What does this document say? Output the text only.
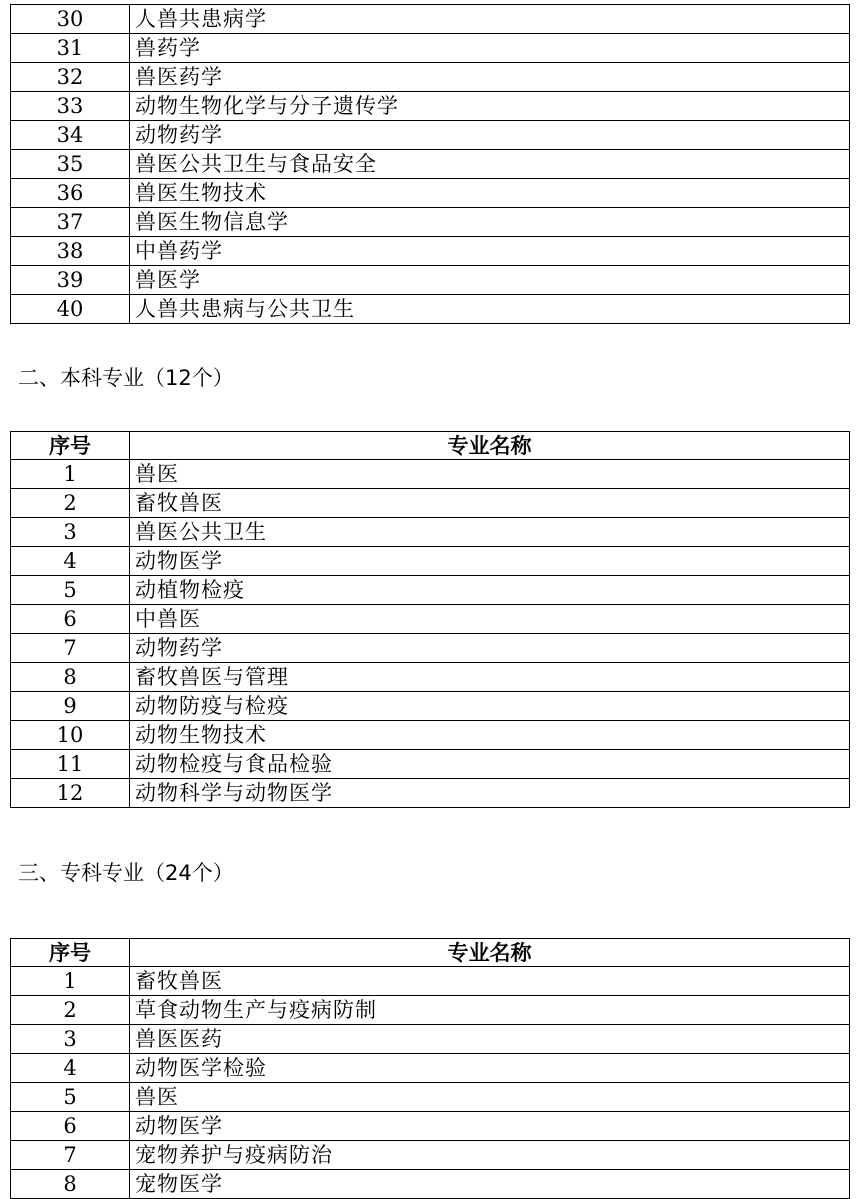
30	人兽共患病学
31	兽药学
32	兽医药学
33	动物生物化学与分子遗传学
34	动物药学
35	兽医公共卫生与食品安全
36	兽医生物技术
37	兽医生物信息学
38	中兽药学
39	兽医学
40	人兽共患病与公共卫生
二、本科专业（12个）
序号	专业名称
1	兽医
2	畜牧兽医
3	兽医公共卫生
4	动物医学
5	动植物检疫
6	中兽医
7	动物药学
8	畜牧兽医与管理
9	动物防疫与检疫
10	动物生物技术
11	动物检疫与食品检验
12	动物科学与动物医学
三、专科专业（24个）
序号	专业名称
1	畜牧兽医
2	草食动物生产与疫病防制
3	兽医医药
4	动物医学检验
5	兽医
6	动物医学
7	宠物养护与疫病防治
8	宠物医学
